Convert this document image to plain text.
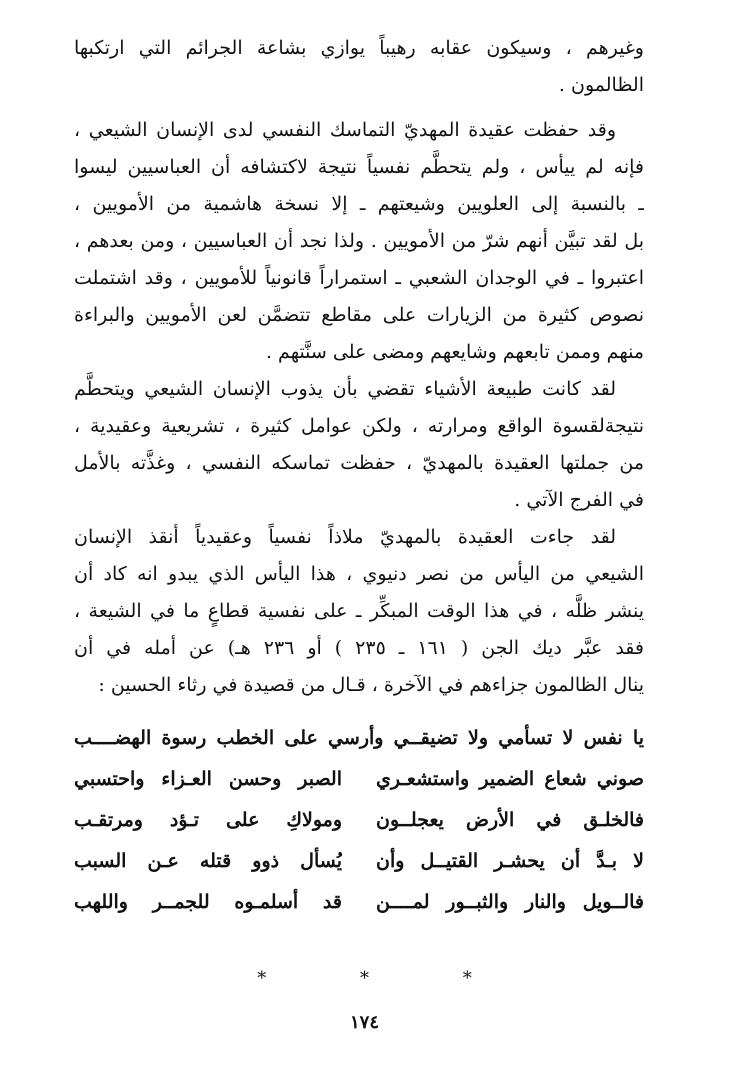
وغيرهم ، وسيكون عقابه رهيباً يوازي بشاعة الجرائم التي ارتكبها
الظالمون .
وقد حفظت عقيدة المهديّ التماسك النفسي لدى الإنسان الشيعي ،
فإنه لم ييأس ، ولم يتحطَّم نفسياً نتيجة لاكتشافه أن العباسيين ليسوا
ـ بالنسبة إلى العلويين وشيعتهم ـ إلا نسخة هاشمية من الأمويين ،
بل لقد تبيَّن أنهم شرّ من الأمويين . ولذا نجد أن العباسيين ، ومن بعدهم ،
اعتبروا ـ في الوجدان الشعبي ـ استمراراً قانونياً للأمويين ، وقد اشتملت
نصوص كثيرة من الزيارات على مقاطع تتضمَّن لعن الأمويين والبراءة
منهم وممن تابعهم وشايعهم ومضى على سنَّتهم .
لقد كانت طبيعة الأشياء تقضي بأن يذوب الإنسان الشيعي ويتحطَّم
نتيجةلقسوة الواقع ومرارته ، ولكن عوامل كثيرة ، تشريعية وعقيدية ،
من جملتها العقيدة بالمهديّ ، حفظت تماسكه النفسي ، وغذَّته بالأمل
في الفرج الآتي .
لقد جاءت العقيدة بالمهديّ ملاذاً نفسياً وعقيدياً أنقذ الإنسان
الشيعي من اليأس من نصر دنيوي ، هذا اليأس الذي يبدو انه كاد أن
ينشر ظلَّه ، في هذا الوقت المبكِّر ـ على نفسية قطاعٍ ما في الشيعة ،
فقد عبَّر ديك الجن ( ١٦١ ـ ٢٣٥ ) أو ٢٣٦ هـ) عن أمله في أن
ينال الظالمون جزاءهم في الآخرة ، قـال من قصيدة في رثاء الحسين :
يا نفس لا تسأمي ولا تضيقــي وأرسي على الخطب رسوة الهضــــب
صوني شعاع الضمير واستشعـري
الصبر وحسن العـزاء واحتسبي
فالخلـق في الأرض يعجلــون
ومولاكِ على تـؤد ومرتقـب
لا بـدَّ أن يحشـر القتيــل وأن
يُسأل ذوو قتله عـن السبب
فالــويل والنار والثبــور لمــــن
قد أسلمـوه للجمــر واللهب
* * *
١٧٤
